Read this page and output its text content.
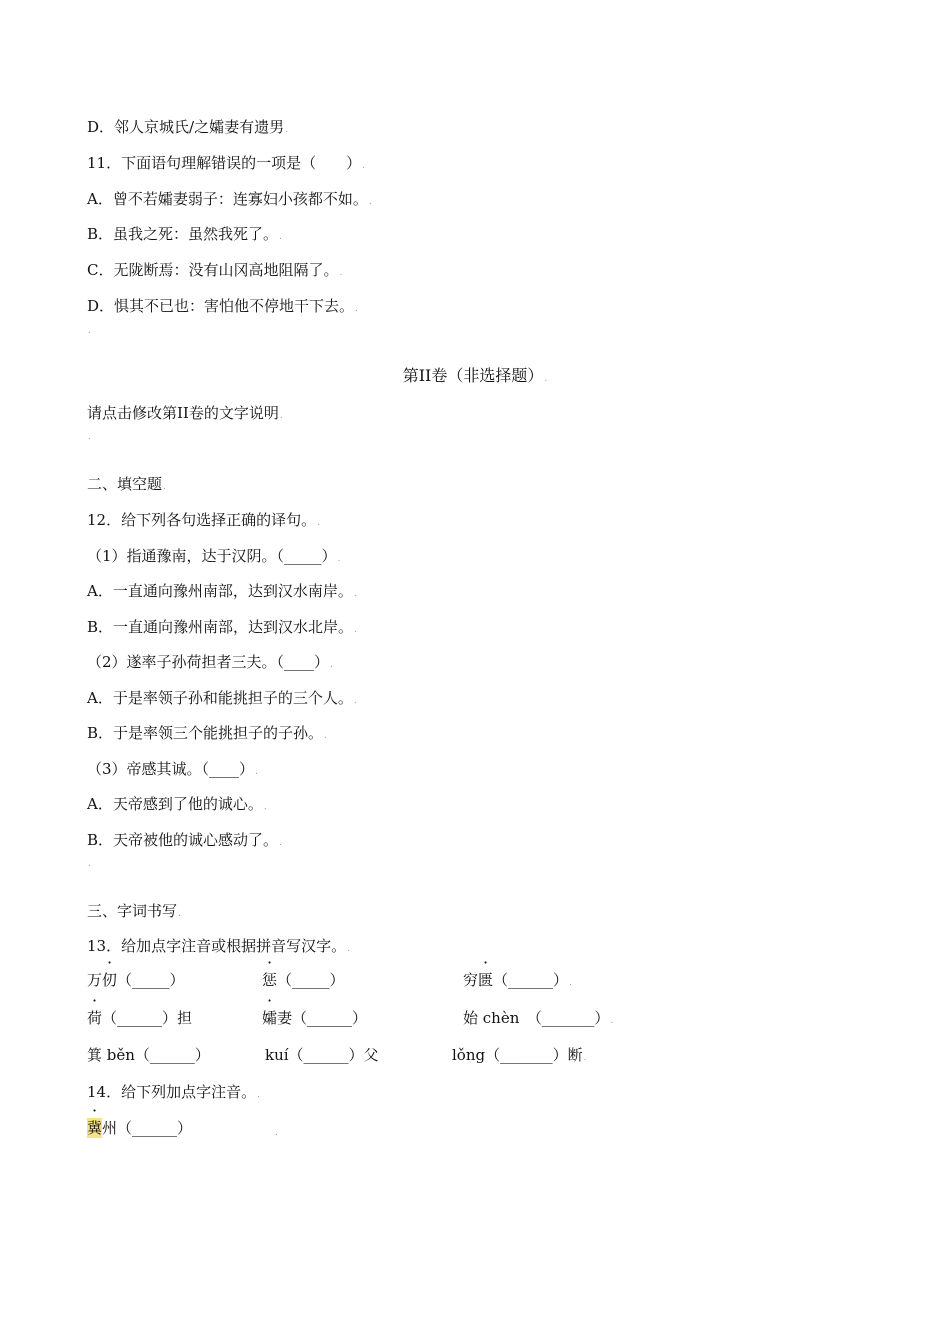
D．邻人京城氏/之孀妻有遗男.
11．下面语句理解错误的一项是（　　）.
A．曾不若孀妻弱子：连寡妇小孩都不如。.
B．虽我之死：虽然我死了。.
C．无陇断焉：没有山冈高地阻隔了。.
D．惧其不已也：害怕他不停地干下去。.
.
第II卷（非选择题）.
请点击修改第II卷的文字说明.
.
二、填空题.
12．给下列各句选择正确的译句。.
（1）指通豫南，达于汉阴。（_____）.
A．一直通向豫州南部，达到汉水南岸。.
B．一直通向豫州南部，达到汉水北岸。.
（2）遂率子孙荷担者三夫。（____）.
A．于是率领子孙和能挑担子的三个人。.
B．于是率领三个能挑担子的子孙。.
（3）帝感其诚。（____）.
A．天帝感到了他的诚心。.
B．天帝被他的诚心感动了。.
.
三、字词书写.
13．给加点字注音或根据拼音写汉字。.
万仞（_____）	惩（_____）	穷匮（______）.
荷（______）担	孀妻（______）	始 chèn　（_______）.
箕 běn（______）	kuí（______）父	lǒng（_______）断.
14．给下列加点字注音。.
冀州（______）	.
